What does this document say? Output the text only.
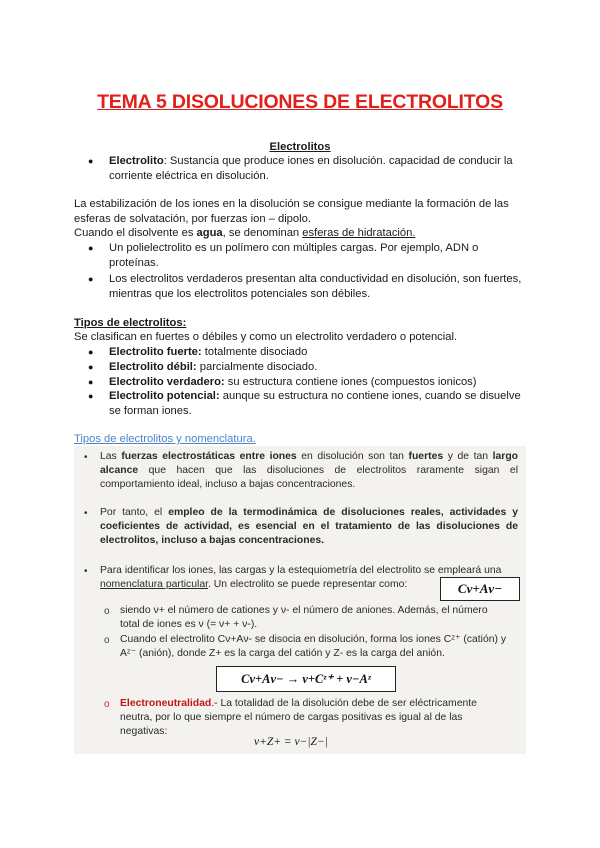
TEMA 5 DISOLUCIONES DE ELECTROLITOS
Electrolitos
● Electrolito: Sustancia que produce iones en disolución. capacidad de conducir la
corriente eléctrica en disolución.
La estabilización de los iones en la disolución se consigue mediante la formación de las
esferas de solvatación, por fuerzas ion – dipolo.
Cuando el disolvente es agua, se denominan esferas de hidratación.
● Un polielectrolito es un polímero con múltiples cargas. Por ejemplo, ADN o
proteínas.
● Los electrolitos verdaderos presentan alta conductividad en disolución, son fuertes,
mientras que los electrolitos potenciales son débiles.
Tipos de electrolitos:
Se clasifican en fuertes o débiles y como un electrolito verdadero o potencial.
● Electrolito fuerte: totalmente disociado
● Electrolito débil: parcialmente disociado.
● Electrolito verdadero: su estructura contiene iones (compuestos ionicos)
● Electrolito potencial: aunque su estructura no contiene iones, cuando se disuelve
se forman iones.
Tipos de electrolitos y nomenclatura.
• Las fuerzas electrostáticas entre iones en disolución son tan fuertes y de tan largo alcance que hacen que las disoluciones de electrolitos raramente sigan el comportamiento ideal, incluso a bajas concentraciones.
• Por tanto, el empleo de la termodinámica de disoluciones reales, actividades y coeficientes de actividad, es esencial en el tratamiento de las disoluciones de electrolitos, incluso a bajas concentraciones.
• Para identificar los iones, las cargas y la estequiometría del electrolito se empleará una
nomenclatura particular. Un electrolito se puede representar como:	Cν+Aν−
o siendo ν+ el número de cationes y ν- el número de aniones. Además, el número
total de iones es ν (= ν+ + ν-).
o Cuando el electrolito Cν+Aν- se disocia en disolución, forma los iones Cᶻ⁺ (catión) y
Aᶻ⁻ (anión), donde Z+ es la carga del catión y Z- es la carga del anión.
Cν+Aν− → ν+Cᶻ⁺ + ν−Aᶻ
o Electroneutralidad.- La totalidad de la disolución debe de ser eléctricamente
neutra, por lo que siempre el número de cargas positivas es igual al de las
negativas:
ν+Z+ = ν−|Z−|
